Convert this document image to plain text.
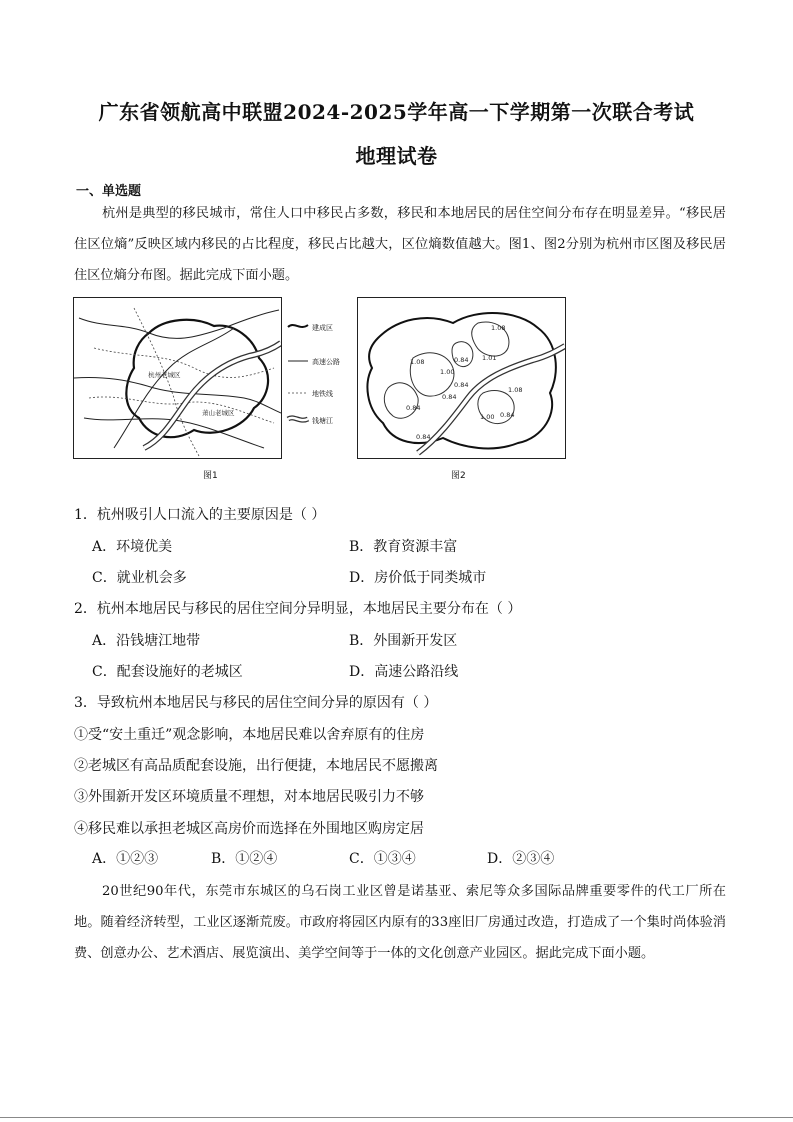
广东省领航高中联盟2024-2025学年高一下学期第一次联合考试
地理试卷
一、单选题
杭州是典型的移民城市，常住人口中移民占多数，移民和本地居民的居住空间分布存在明显差异。“移民居住区位熵”反映区域内移民的占比程度，移民占比越大，区位熵数值越大。图1、图2分别为杭州市区图及移民居住区位熵分布图。据此完成下面小题。
杭州老城区
萧山老城区
建成区
高速公路
地铁线
钱塘江
1.08
1.08	0.84 1.01
1.00
0.84
0.84
1.08
0.84
1.00 0.84
0.84
图1	图2
1．杭州吸引人口流入的主要原因是（ ）
A．环境优美	B．教育资源丰富
C．就业机会多	D．房价低于同类城市
2．杭州本地居民与移民的居住空间分异明显，本地居民主要分布在（ ）
A．沿钱塘江地带	B．外围新开发区
C．配套设施好的老城区	D．高速公路沿线
3．导致杭州本地居民与移民的居住空间分异的原因有（ ）
①受“安土重迁”观念影响，本地居民难以舍弃原有的住房
②老城区有高品质配套设施，出行便捷，本地居民不愿搬离
③外围新开发区环境质量不理想，对本地居民吸引力不够
④移民难以承担老城区高房价而选择在外围地区购房定居
A．①②③	B．①②④	C．①③④	D．②③④
20世纪90年代，东莞市东城区的乌石岗工业区曾是诺基亚、索尼等众多国际品牌重要零件的代工厂所在地。随着经济转型，工业区逐渐荒废。市政府将园区内原有的33座旧厂房通过改造，打造成了一个集时尚体验消费、创意办公、艺术酒店、展览演出、美学空间等于一体的文化创意产业园区。据此完成下面小题。
